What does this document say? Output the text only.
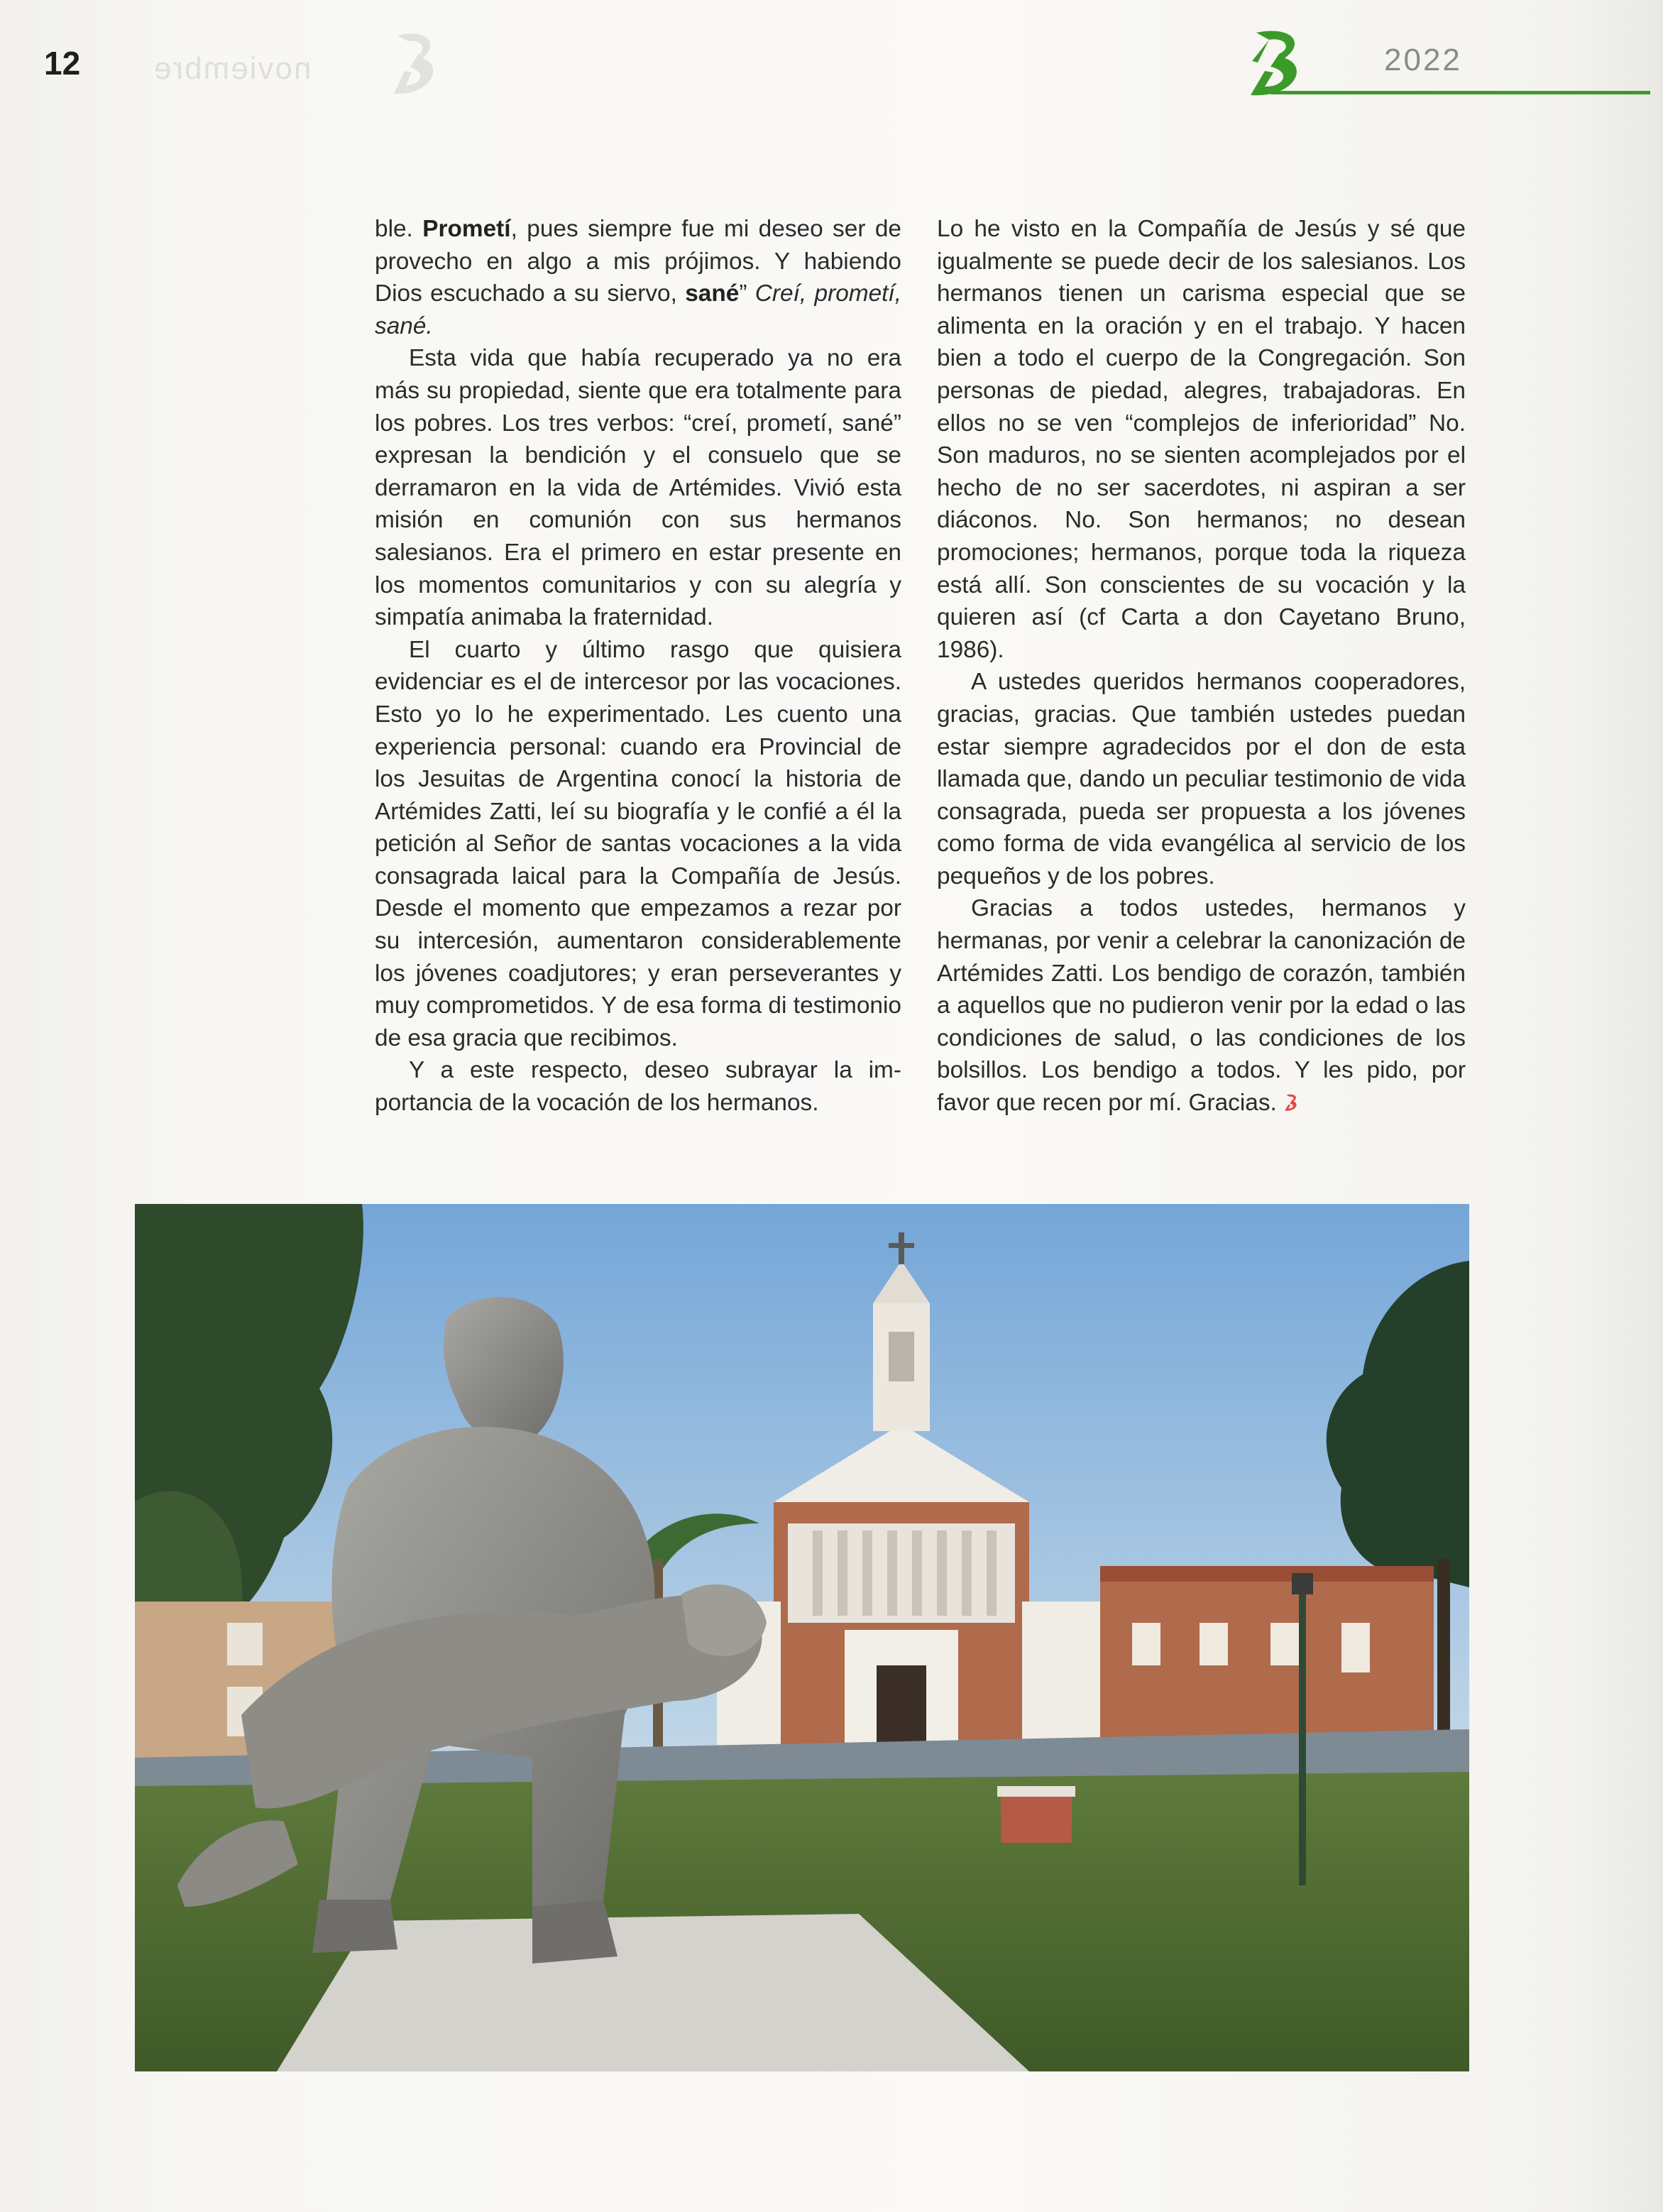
12 noviembre	2022

ble. Prometí, pues siempre fue mi deseo ser de provecho en algo a mis prójimos. Y habiendo Dios escuchado a su siervo, sané” Creí, prometí, sané.

Esta vida que había recuperado ya no era más su propiedad, siente que era totalmente para los pobres. Los tres verbos: “creí, prometí, sané” expresan la bendición y el consuelo que se derramaron en la vida de Artémides. Vivió esta misión en comunión con sus hermanos salesianos. Era el primero en estar presente en los momentos comunitarios y con su alegría y simpatía animaba la fraternidad.

El cuarto y último rasgo que quisiera evidenciar es el de intercesor por las vocaciones. Esto yo lo he experimentado. Les cuento una experiencia personal: cuando era Provincial de los Jesuitas de Argentina conocí la historia de Artémides Zatti, leí su biografía y le confié a él la petición al Señor de santas vocaciones a la vida consagrada laical para la Compañía de Jesús. Desde el momento que empezamos a rezar por su intercesión, aumentaron considerablemente los jóvenes coadjutores; y eran perseverantes y muy comprometidos. Y de esa forma di testimonio de esa gracia que recibimos.

Y a este respecto, deseo subrayar la importancia de la vocación de los hermanos.

Lo he visto en la Compañía de Jesús y sé que igualmente se puede decir de los salesianos. Los hermanos tienen un carisma especial que se alimenta en la oración y en el trabajo. Y hacen bien a todo el cuerpo de la Congregación. Son personas de piedad, alegres, trabajadoras. En ellos no se ven “complejos de inferioridad” No. Son maduros, no se sienten acomplejados por el hecho de no ser sacerdotes, ni aspiran a ser diáconos. No. Son hermanos; no desean promociones; hermanos, porque toda la riqueza está allí. Son conscientes de su vocación y la quieren así (cf Carta a don Cayetano Bruno, 1986).

A ustedes queridos hermanos cooperadores, gracias, gracias. Que también ustedes puedan estar siempre agradecidos por el don de esta llamada que, dando un peculiar testimonio de vida consagrada, pueda ser propuesta a los jóvenes como forma de vida evangélica al servicio de los pequeños y de los pobres.

Gracias a todos ustedes, hermanos y hermanas, por venir a celebrar la canonización de Artémides Zatti. Los bendigo de corazón, también a aquellos que no pudieron venir por la edad o las condiciones de salud, o las condiciones de los bolsillos. Los bendigo a todos. Y les pido, por favor que recen por mí. Gracias.
